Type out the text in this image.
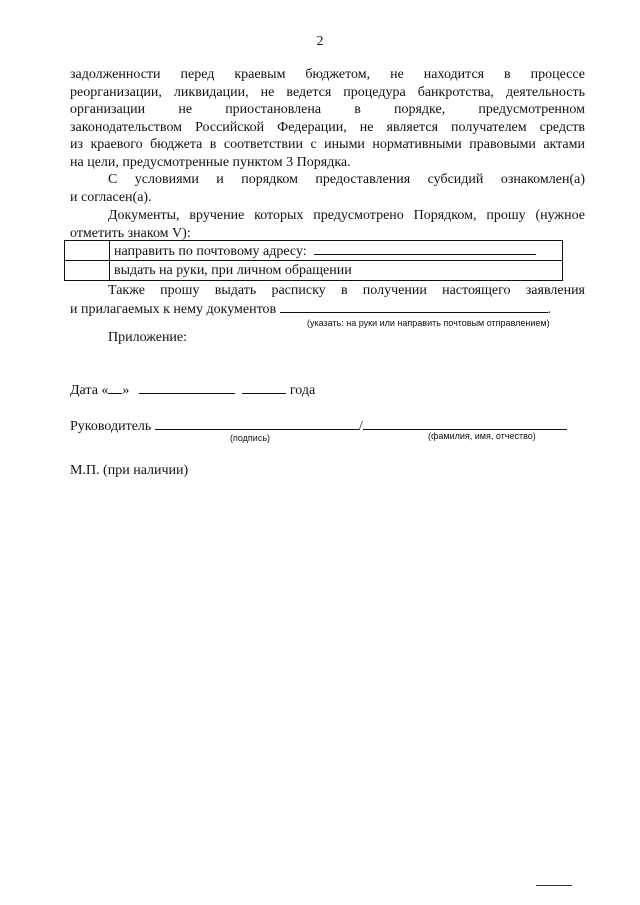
2
задолженности перед краевым бюджетом, не находится в процессе
реорганизации, ликвидации, не ведется процедура банкротства, деятельность
организации не приостановлена в порядке, предусмотренном
законодательством Российской Федерации, не является получателем средств
из краевого бюджета в соответствии с иными нормативными правовыми актами
на цели, предусмотренные пунктом 3 Порядка.
С условиями и порядком предоставления субсидий ознакомлен(а)
и согласен(а).
Документы, вручение которых предусмотрено Порядком, прошу (нужное
отметить знаком V):
	направить по почтовому адресу:
	выдать на руки, при личном обращении
Также прошу выдать расписку в получении настоящего заявления
и прилагаемых к нему документов	.
(указать: на руки или направить почтовым отправлением)
Приложение:
Дата « »	года
Руководитель	/
(подпись)	(фамилия, имя, отчество)
М.П. (при наличии)
